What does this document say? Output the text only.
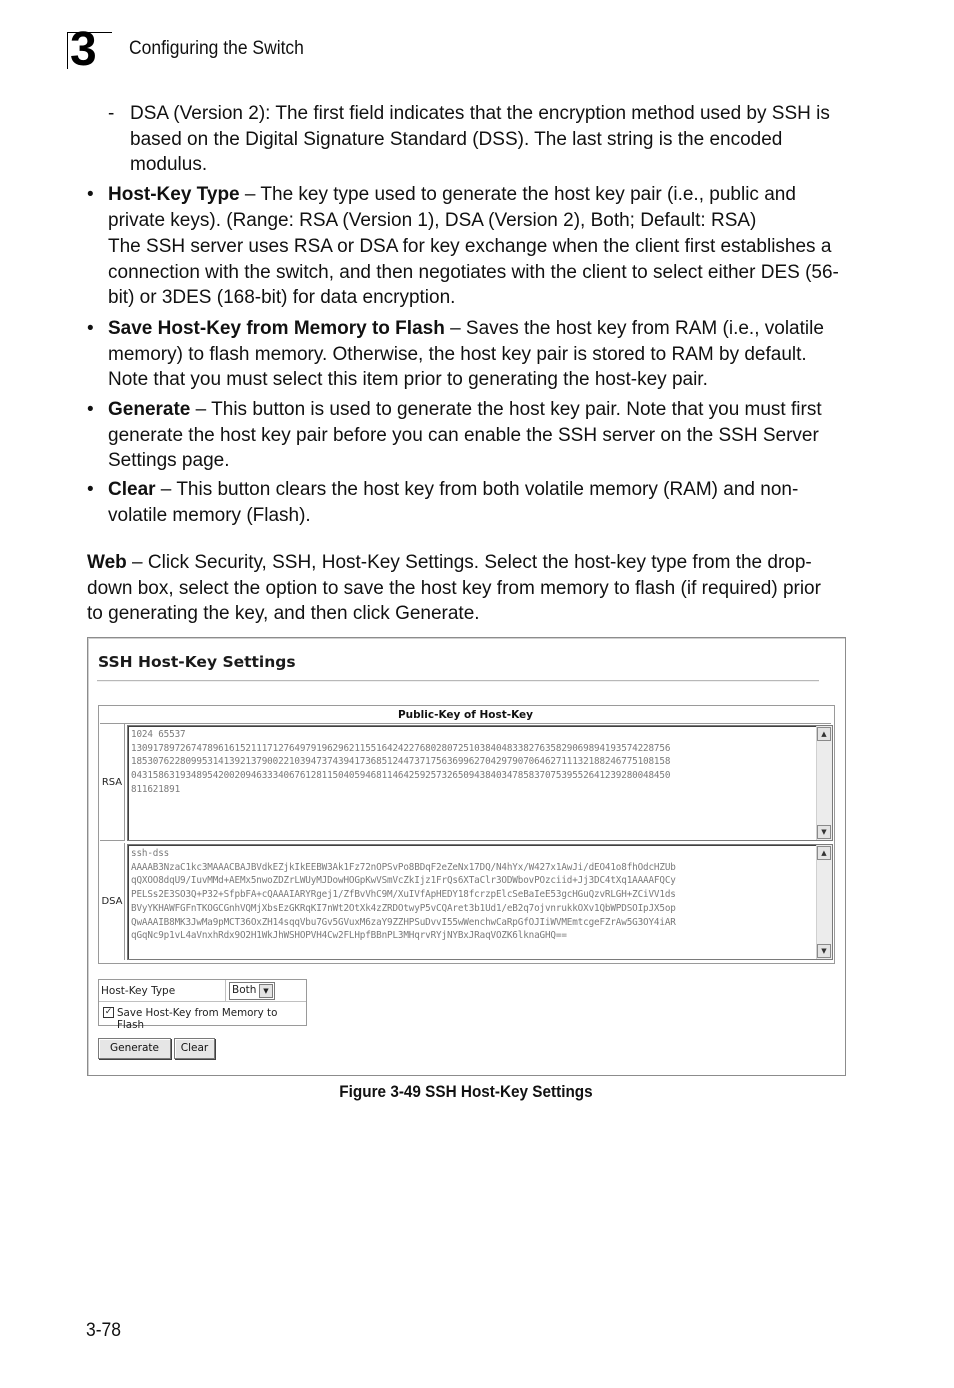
3 Configuring the Switch
- DSA (Version 2): The first field indicates that the encryption method used by SSH is based on the Digital Signature Standard (DSS). The last string is the encoded modulus.
• Host-Key Type – The key type used to generate the host key pair (i.e., public and private keys). (Range: RSA (Version 1), DSA (Version 2), Both; Default: RSA)

The SSH server uses RSA or DSA for key exchange when the client first establishes a connection with the switch, and then negotiates with the client to select either DES (56-bit) or 3DES (168-bit) for data encryption.

• Save Host-Key from Memory to Flash – Saves the host key from RAM (i.e., volatile memory) to flash memory. Otherwise, the host key pair is stored to RAM by default. Note that you must select this item prior to generating the host-key pair.

• Generate – This button is used to generate the host key pair. Note that you must first generate the host key pair before you can enable the SSH server on the SSH Server Settings page.

• Clear – This button clears the host key from both volatile memory (RAM) and non-volatile memory (Flash).

Web – Click Security, SSH, Host-Key Settings. Select the host-key type from the drop-down box, select the option to save the host key from memory to flash (if required) prior to generating the key, and then click Generate.
SSH Host-Key Settings
Public-Key of Host-Key
RSA
1024 65537
130917897267478961615211171276497919629621155164242276802807251038404833827635829069894193574228756
185307622809953141392137900221039473743941736851244737175636996270429790706462711132188246775108158
043158631934895420020946333406761281150405946811464259257326509438403478583707539552641239280048450
811621891
▲
▼
DSA
ssh-dss
AAAAB3NzaC1kc3MAAACBAJBVdkEZjkIkEEBW3Ak1Fz72nOPSvPo8BDqF2eZeNx17DQ/N4hYx/W427x1AwJi/dEO41o8fhOdcHZUb
qQXOO8dqU9/IuvMMd+AEMx5nwoZDZrLWUyMJDowHOGpKwVSmVcZkIjz1FrQs6XTaClr3ODWbovPOzciid+Jj3DC4tXq1AAAAFQCy
PELSs2E3SO3Q+P32+SfpbFA+cQAAAIARYRgej1/ZfBvVhC9M/XuIVfApHEDY18fcrzpElcSeBaIeE53gcHGuQzvRLGH+ZCiVV1ds
BVyYKHAWFGFnTKOGCGnhVQMjXbsEzGKRqKI7nWt2OtXk4zZRDOtwyP5vCQAret3b1Ud1/eB2q7ojvnrukkOXv1QbWPDSOIpJX5op
QwAAAIB8MK3JwMa9pMCT36OxZH14sqqVbu7Gv5GVuxM6zaY9ZZHPSuDvvI55wWenchwCaRpGfOJIiWVMEmtcgeFZrAw5G3OY4iAR
qGqNc9p1vL4aVnxhRdx9O2H1WkJhWSHOPVH4Cw2FLHpfBBnPL3MHqrvRYjNYBxJRaqVOZK6lknaGHQ==
▲
▼
Host-Key Type	Both ▼
✓ Save Host-Key from Memory to Flash
Generate	Clear
Figure 3-49 SSH Host-Key Settings
3-78
